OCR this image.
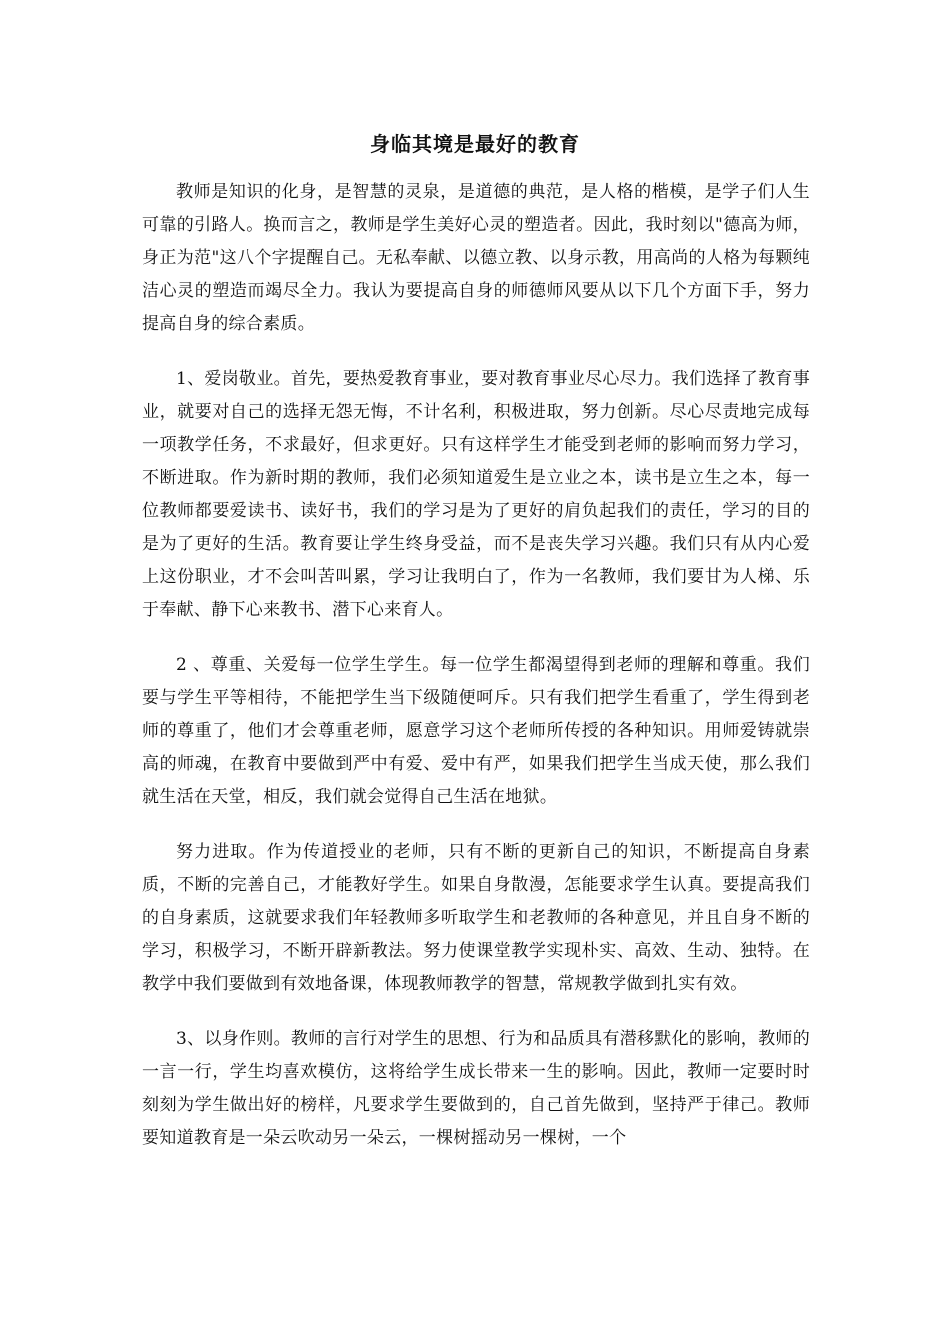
身临其境是最好的教育

教师是知识的化身，是智慧的灵泉，是道德的典范，是人格的楷模，是学子们人生可靠的引路人。换而言之，教师是学生美好心灵的塑造者。因此，我时刻以"德高为师，身正为范"这八个字提醒自己。无私奉献、以德立教、以身示教，用高尚的人格为每颗纯洁心灵的塑造而竭尽全力。我认为要提高自身的师德师风要从以下几个方面下手，努力提高自身的综合素质。

1、爱岗敬业。首先，要热爱教育事业，要对教育事业尽心尽力。我们选择了教育事业，就要对自己的选择无怨无悔，不计名利，积极进取，努力创新。尽心尽责地完成每一项教学任务，不求最好，但求更好。只有这样学生才能受到老师的影响而努力学习，不断进取。作为新时期的教师，我们必须知道爱生是立业之本，读书是立生之本，每一位教师都要爱读书、读好书，我们的学习是为了更好的肩负起我们的责任，学习的目的是为了更好的生活。教育要让学生终身受益，而不是丧失学习兴趣。我们只有从内心爱上这份职业，才不会叫苦叫累，学习让我明白了，作为一名教师，我们要甘为人梯、乐于奉献、静下心来教书、潜下心来育人。

2 、尊重、关爱每一位学生学生。每一位学生都渴望得到老师的理解和尊重。我们要与学生平等相待，不能把学生当下级随便呵斥。只有我们把学生看重了，学生得到老师的尊重了，他们才会尊重老师，愿意学习这个老师所传授的各种知识。用师爱铸就崇高的师魂，在教育中要做到严中有爱、爱中有严，如果我们把学生当成天使，那么我们就生活在天堂，相反，我们就会觉得自己生活在地狱。

努力进取。作为传道授业的老师，只有不断的更新自己的知识，不断提高自身素质，不断的完善自己，才能教好学生。如果自身散漫，怎能要求学生认真。要提高我们的自身素质，这就要求我们年轻教师多听取学生和老教师的各种意见，并且自身不断的学习，积极学习，不断开辟新教法。努力使课堂教学实现朴实、高效、生动、独特。在教学中我们要做到有效地备课，体现教师教学的智慧，常规教学做到扎实有效。

3、以身作则。教师的言行对学生的思想、行为和品质具有潜移默化的影响，教师的一言一行，学生均喜欢模仿，这将给学生成长带来一生的影响。因此，教师一定要时时刻刻为学生做出好的榜样，凡要求学生要做到的，自己首先做到，坚持严于律己。教师要知道教育是一朵云吹动另一朵云，一棵树摇动另一棵树，一个
